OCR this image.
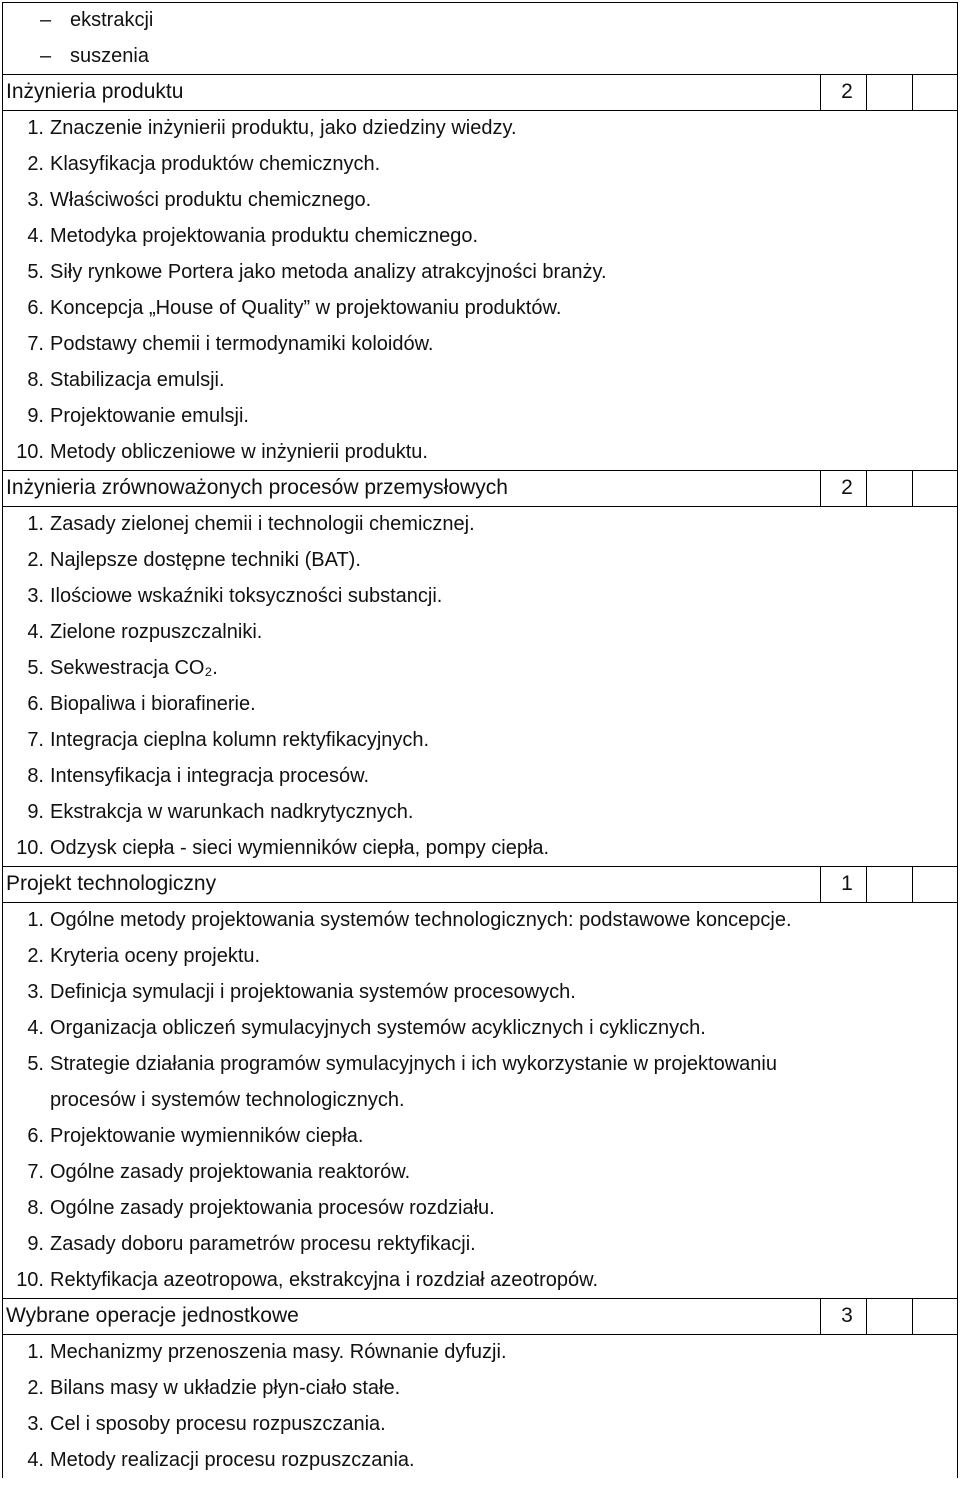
– ekstrakcji
– suszenia
Inżynieria produktu	2
1. Znaczenie inżynierii produktu, jako dziedziny wiedzy.
2. Klasyfikacja produktów chemicznych.
3. Właściwości produktu chemicznego.
4. Metodyka projektowania produktu chemicznego.
5. Siły rynkowe Portera jako metoda analizy atrakcyjności branży.
6. Koncepcja „House of Quality” w projektowaniu produktów.
7. Podstawy chemii i termodynamiki koloidów.
8. Stabilizacja emulsji.
9. Projektowanie emulsji.
10. Metody obliczeniowe w inżynierii produktu.
Inżynieria zrównoważonych procesów przemysłowych	2
1. Zasady zielonej chemii i technologii chemicznej.
2. Najlepsze dostępne techniki (BAT).
3. Ilościowe wskaźniki toksyczności substancji.
4. Zielone rozpuszczalniki.
5. Sekwestracja CO₂.
6. Biopaliwa i biorafinerie.
7. Integracja cieplna kolumn rektyfikacyjnych.
8. Intensyfikacja i integracja procesów.
9. Ekstrakcja w warunkach nadkrytycznych.
10. Odzysk ciepła - sieci wymienników ciepła, pompy ciepła.
Projekt technologiczny	1
1. Ogólne metody projektowania systemów technologicznych: podstawowe koncepcje.
2. Kryteria oceny projektu.
3. Definicja symulacji i projektowania systemów procesowych.
4. Organizacja obliczeń symulacyjnych systemów acyklicznych i cyklicznych.
5. Strategie działania programów symulacyjnych i ich wykorzystanie w projektowaniu
procesów i systemów technologicznych.
6. Projektowanie wymienników ciepła.
7. Ogólne zasady projektowania reaktorów.
8. Ogólne zasady projektowania procesów rozdziału.
9. Zasady doboru parametrów procesu rektyfikacji.
10. Rektyfikacja azeotropowa, ekstrakcyjna i rozdział azeotropów.
Wybrane operacje jednostkowe	3
1. Mechanizmy przenoszenia masy. Równanie dyfuzji.
2. Bilans masy w układzie płyn-ciało stałe.
3. Cel i sposoby procesu rozpuszczania.
4. Metody realizacji procesu rozpuszczania.
